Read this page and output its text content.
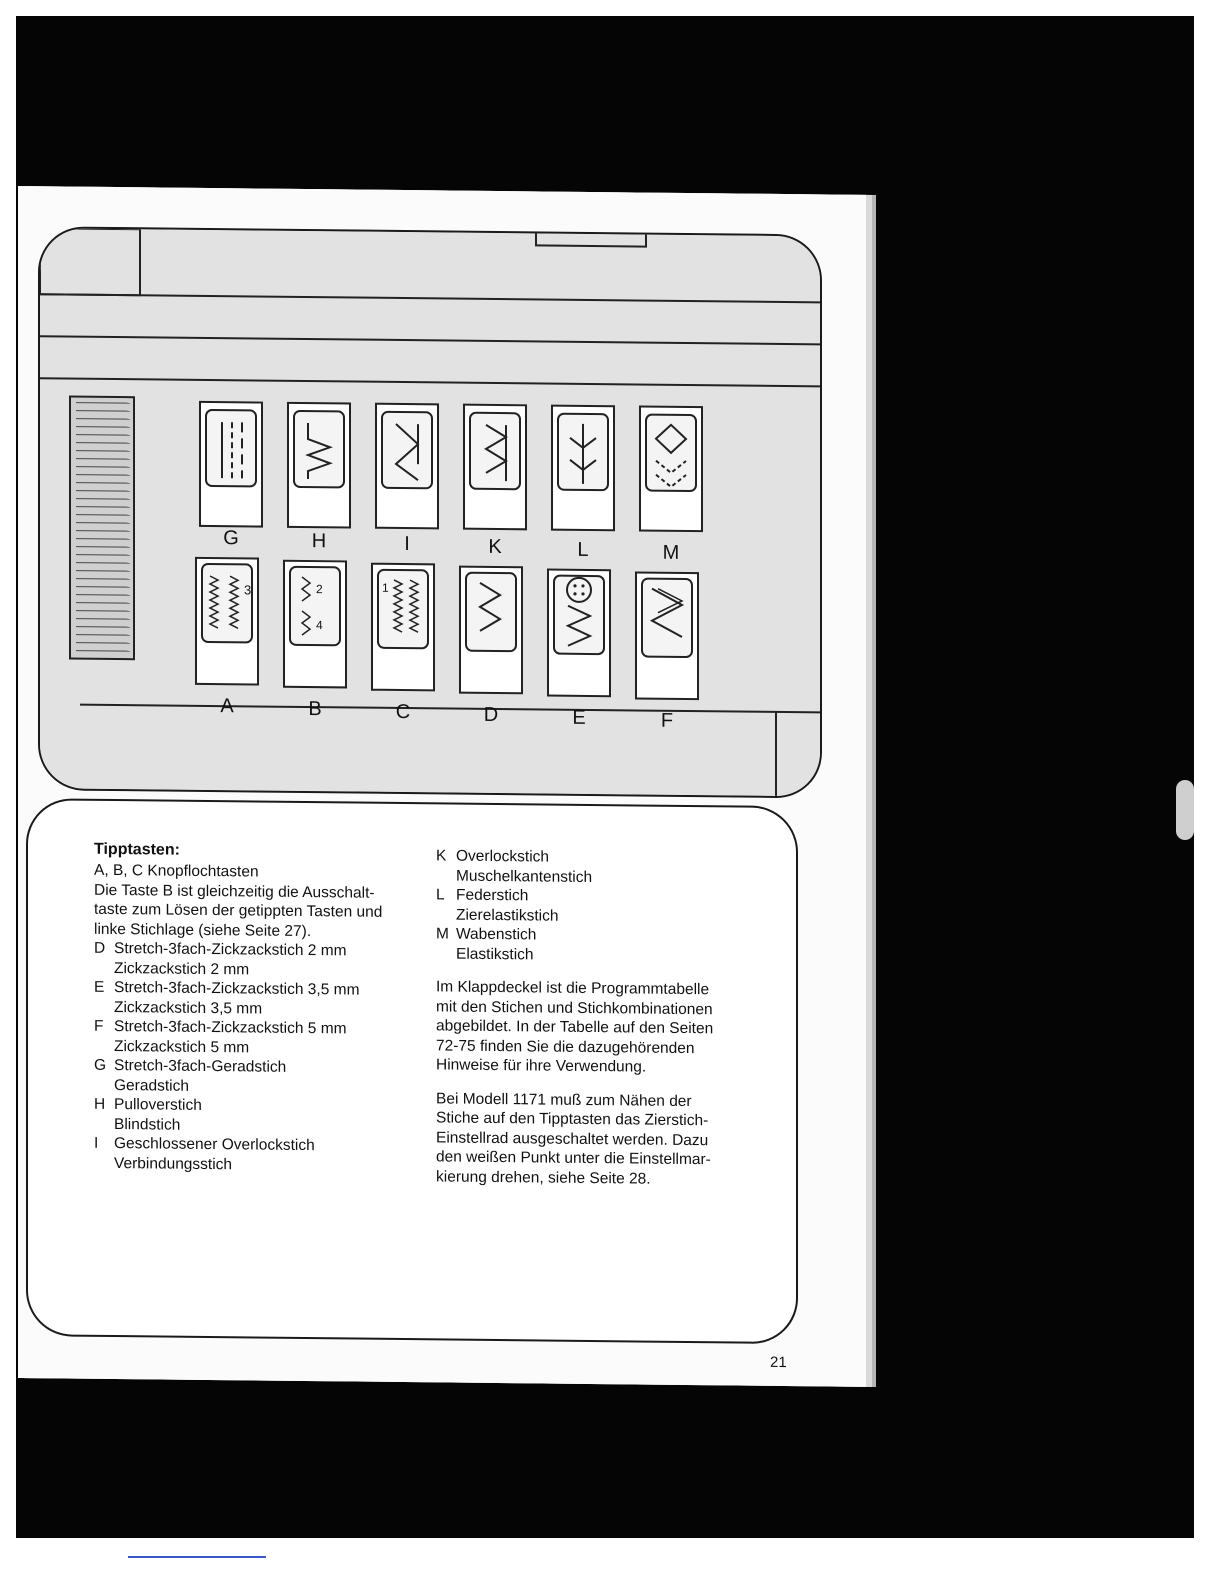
G	H	I	K	L	M
3	2
4
1
A	B	C	D	E	F

Tipptasten:

A, B, C Knopflochtasten

Die Taste B ist gleichzeitig die Ausschalt-

taste zum Lösen der getippten Tasten und

linke Stichlage (siehe Seite 27).

D Stretch-3fach-Zickzackstich 2 mm
Zickzackstich 2 mm
E Stretch-3fach-Zickzackstich 3,5 mm
Zickzackstich 3,5 mm
F Stretch-3fach-Zickzackstich 5 mm
Zickzackstich 5 mm
G Stretch-3fach-Geradstich
Geradstich
H Pulloverstich
Blindstich
I	Geschlossener Overlockstich
Verbindungsstich
K Overlockstich
Muschelkantenstich
L Federstich
Zierelastikstich
M Wabenstich
Elastikstich

Im Klappdeckel ist die Programmtabelle
mit den Stichen und Stichkombinationen
abgebildet. In der Tabelle auf den Seiten
72-75 finden Sie die dazugehörenden
Hinweise für ihre Verwendung.

Bei Modell 1171 muß zum Nähen der
Stiche auf den Tipptasten das Zierstich-
Einstellrad ausgeschaltet werden. Dazu
den weißen Punkt unter die Einstellmar-
kierung drehen, siehe Seite 28.

21
